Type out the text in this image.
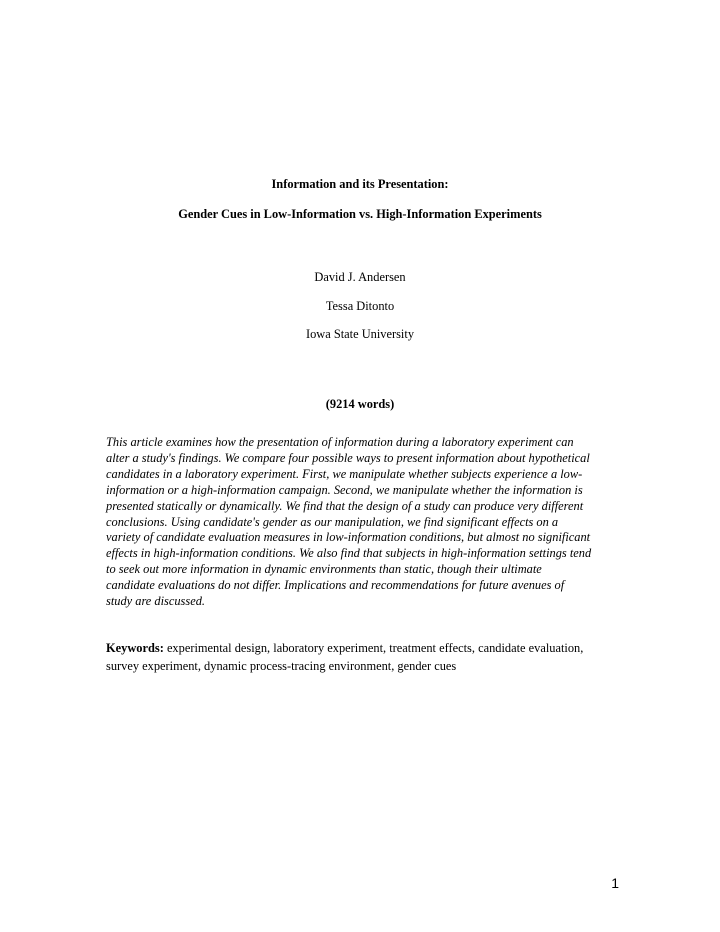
Information and its Presentation:
Gender Cues in Low-Information vs. High-Information Experiments
David J. Andersen
Tessa Ditonto
Iowa State University
(9214 words)
This article examines how the presentation of information during a laboratory experiment can
alter a study's findings. We compare four possible ways to present information about hypothetical
candidates in a laboratory experiment. First, we manipulate whether subjects experience a low-
information or a high-information campaign. Second, we manipulate whether the information is
presented statically or dynamically. We find that the design of a study can produce very different
conclusions. Using candidate's gender as our manipulation, we find significant effects on a
variety of candidate evaluation measures in low-information conditions, but almost no significant
effects in high-information conditions. We also find that subjects in high-information settings tend
to seek out more information in dynamic environments than static, though their ultimate
candidate evaluations do not differ. Implications and recommendations for future avenues of
study are discussed.
Keywords: experimental design, laboratory experiment, treatment effects, candidate evaluation,
survey experiment, dynamic process-tracing environment, gender cues
1
